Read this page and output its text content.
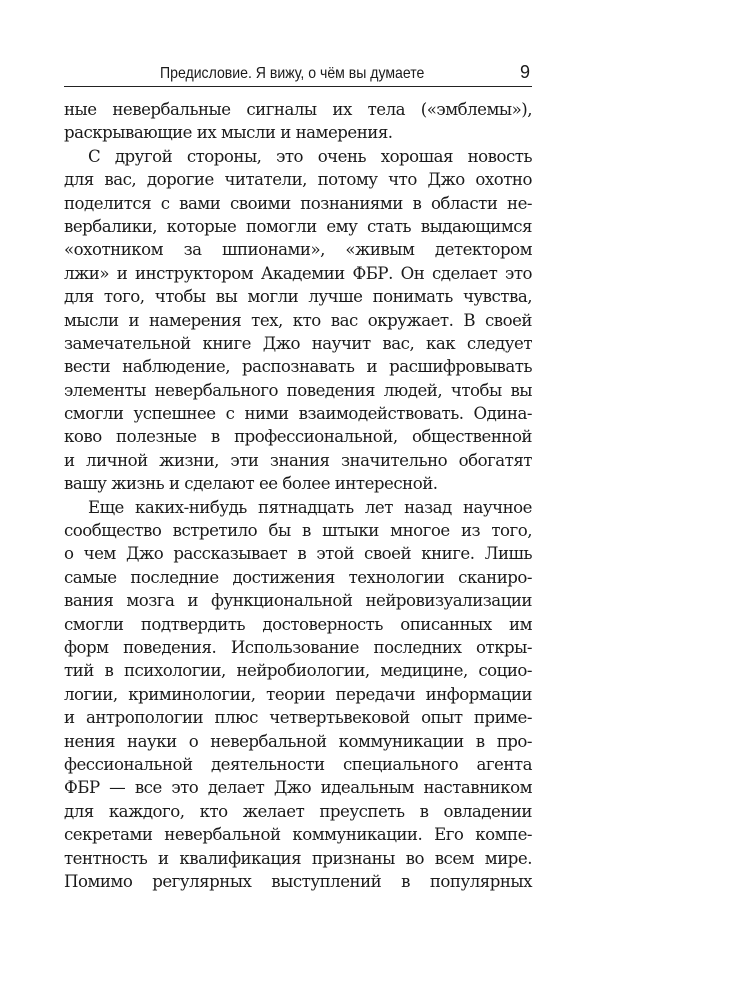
Предисловие. Я вижу, о чём вы думаете	9
ные невербальные сигналы их тела («эмблемы»),
раскрывающие их мысли и намерения.
С другой стороны, это очень хорошая новость
для вас, дорогие читатели, потому что Джо охотно
поделится с вами своими познаниями в области не-
вербалики, которые помогли ему стать выдающимся
«охотником за шпионами», «живым детектором
лжи» и инструктором Академии ФБР. Он сделает это
для того, чтобы вы могли лучше понимать чувства,
мысли и намерения тех, кто вас окружает. В своей
замечательной книге Джо научит вас, как следует
вести наблюдение, распознавать и расшифровывать
элементы невербального поведения людей, чтобы вы
смогли успешнее с ними взаимодействовать. Одина-
ково полезные в профессиональной, общественной
и личной жизни, эти знания значительно обогатят
вашу жизнь и сделают ее более интересной.
Еще каких-нибудь пятнадцать лет назад научное
сообщество встретило бы в штыки многое из того,
о чем Джо рассказывает в этой своей книге. Лишь
самые последние достижения технологии сканиро-
вания мозга и функциональной нейровизуализации
смогли подтвердить достоверность описанных им
форм поведения. Использование последних откры-
тий в психологии, нейробиологии, медицине, социо-
логии, криминологии, теории передачи информации
и антропологии плюс четвертьвековой опыт приме-
нения науки о невербальной коммуникации в про-
фессиональной деятельности специального агента
ФБР — все это делает Джо идеальным наставником
для каждого, кто желает преуспеть в овладении
секретами невербальной коммуникации. Его компе-
тентность и квалификация признаны во всем мире.
Помимо регулярных выступлений в популярных
